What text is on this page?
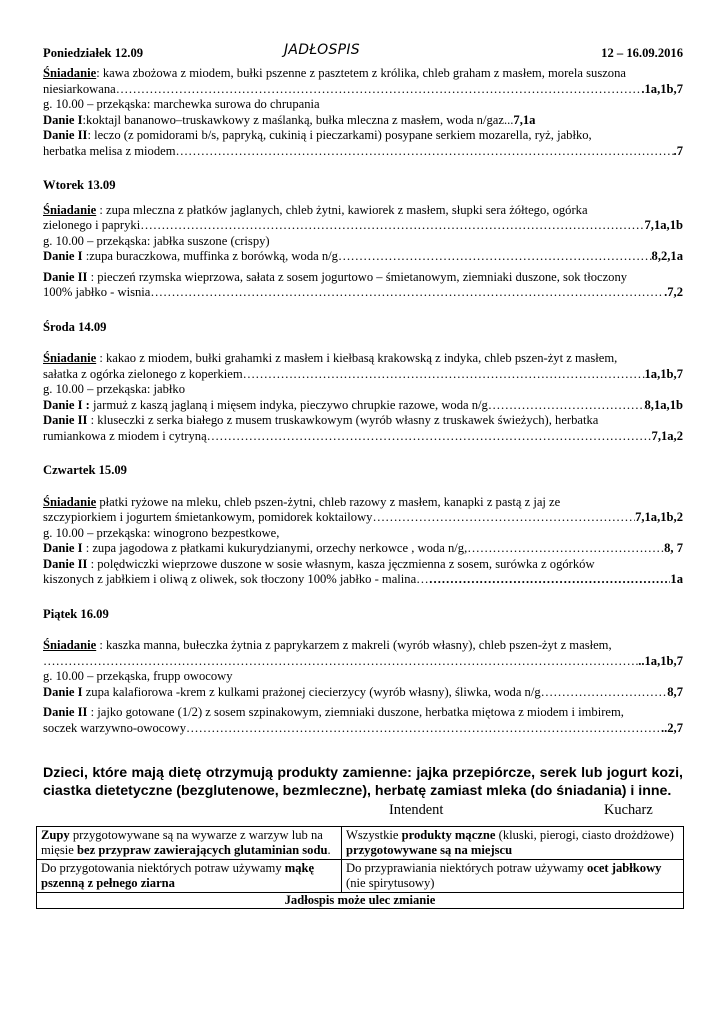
Poniedziałek 12.09	JADŁOSPIS	12 – 16.09.2016

Śniadanie: kawa zbożowa z miodem, bułki pszenne z pasztetem z królika, chleb graham z masłem, morela suszona

niesiarkowana ……………………………………………………………………………………………………………………………………………………………………………………………………………………	.1a,1b,7

g. 10.00 – przekąska: marchewka surowa do chrupania

Danie I:koktajl bananowo–truskawkowy z maślanką, bułka mleczna z masłem, woda n/gaz...7,1a

Danie II: leczo (z pomidorami b/s, papryką, cukinią i pieczarkami) posypane serkiem mozarella, ryż, jabłko,

herbatka melisa z miodem ……………………………………………………………………………………………………………………………………………………………………………………………………………………	.7

Wtorek 13.09

Śniadanie : zupa mleczna z płatków jaglanych, chleb żytni, kawiorek z masłem, słupki sera żółtego, ogórka

zielonego i papryki ……………………………………………………………………………………………………………………………………………………………………………………………………………………	7,1a,1b

g. 10.00 – przekąska: jabłka suszone (crispy)

Danie I :zupa buraczkowa, muffinka z borówką, woda n/g ……………………………………………………………………………………………………………………………………………………………………………………………………………………	8,2,1a

Danie II : pieczeń rzymska wieprzowa, sałata z sosem jogurtowo – śmietanowym, ziemniaki duszone, sok tłoczony

100% jabłko - wisnia ……………………………………………………………………………………………………………………………………………………………………………………………………………………	.7,2

Środa 14.09

Śniadanie : kakao z miodem, bułki grahamki z masłem i kiełbasą krakowską z indyka, chleb pszen-żyt z masłem,

sałatka z ogórka zielonego z koperkiem ……………………………………………………………………………………………………………………………………………………………………………………………………………………	1a,1b,7

g. 10.00 – przekąska: jabłko

Danie I : jarmuż z kaszą jaglaną i mięsem indyka, pieczywo chrupkie razowe, woda n/g ……………………………………………………………………………………………………………………………………………………………………………………………………………………	8,1a,1b

Danie II : kluseczki z serka białego z musem truskawkowym (wyrób własny z truskawek świeżych), herbatka

rumiankowa z miodem i cytryną ……………………………………………………………………………………………………………………………………………………………………………………………………………………	7,1a,2

Czwartek 15.09

Śniadanie płatki ryżowe na mleku, chleb pszen-żytni, chleb razowy z masłem, kanapki z pastą z jaj ze

szczypiorkiem i jogurtem śmietankowym, pomidorek koktailowy ……………………………………………………………………………………………………………………………………………………………………………………………………………………	7,1a,1b,2

g. 10.00 – przekąska: winogrono bezpestkowe,

Danie I : zupa jagodowa z płatkami kukurydzianymi, orzechy nerkowce , woda n/g, ……………………………………………………………………………………………………………………………………………………………………………………………………………………	8, 7

Danie II : polędwiczki wieprzowe duszone w sosie własnym, kasza jęczmienna z sosem, surówka z ogórków

kiszonych z jabłkiem i oliwą z oliwek, sok tłoczony 100% jabłko - malina… ……………………………………………………………………………………………………………………………………………………………………………………………………………………	1a

Piątek 16.09

Śniadanie : kaszka manna, bułeczka żytnia z paprykarzem z makreli (wyrób własny), chleb pszen-żyt z masłem,

……………………………………………………………………………………………………………………………………………………………………………………………………………………
..1a,1b,7

g. 10.00 – przekąska, frupp owocowy

Danie I zupa kalafiorowa -krem z kulkami prażonej ciecierzycy (wyrób własny), śliwka, woda n/g ……………………………………………………………………………………………………………………………………………………………………………………………………………………	8,7

Danie II : jajko gotowane (1/2) z sosem szpinakowym, ziemniaki duszone, herbatka miętowa z miodem i imbirem,

soczek warzywno-owocowy ……………………………………………………………………………………………………………………………………………………………………………………………………………………	..2,7

Dzieci, które mają dietę otrzymują produkty zamienne: jajka przepiórcze, serek lub jogurt kozi, ciastka dietetyczne (bezglutenowe, bezmleczne), herbatę zamiast mleka (do śniadania) i inne.

Intendent	Kucharz
Zupy przygotowywane są na wywarze z warzyw lub na mięsie bez przypraw zawierających glutaminian sodu.	Wszystkie produkty mączne (kluski, pierogi, ciasto drożdżowe) przygotowywane są na miejscu
Do przygotowania niektórych potraw używamy mąkę pszenną z pełnego ziarna	Do przyprawiania niektórych potraw używamy ocet jabłkowy (nie spirytusowy)
Jadłospis może ulec zmianie	
